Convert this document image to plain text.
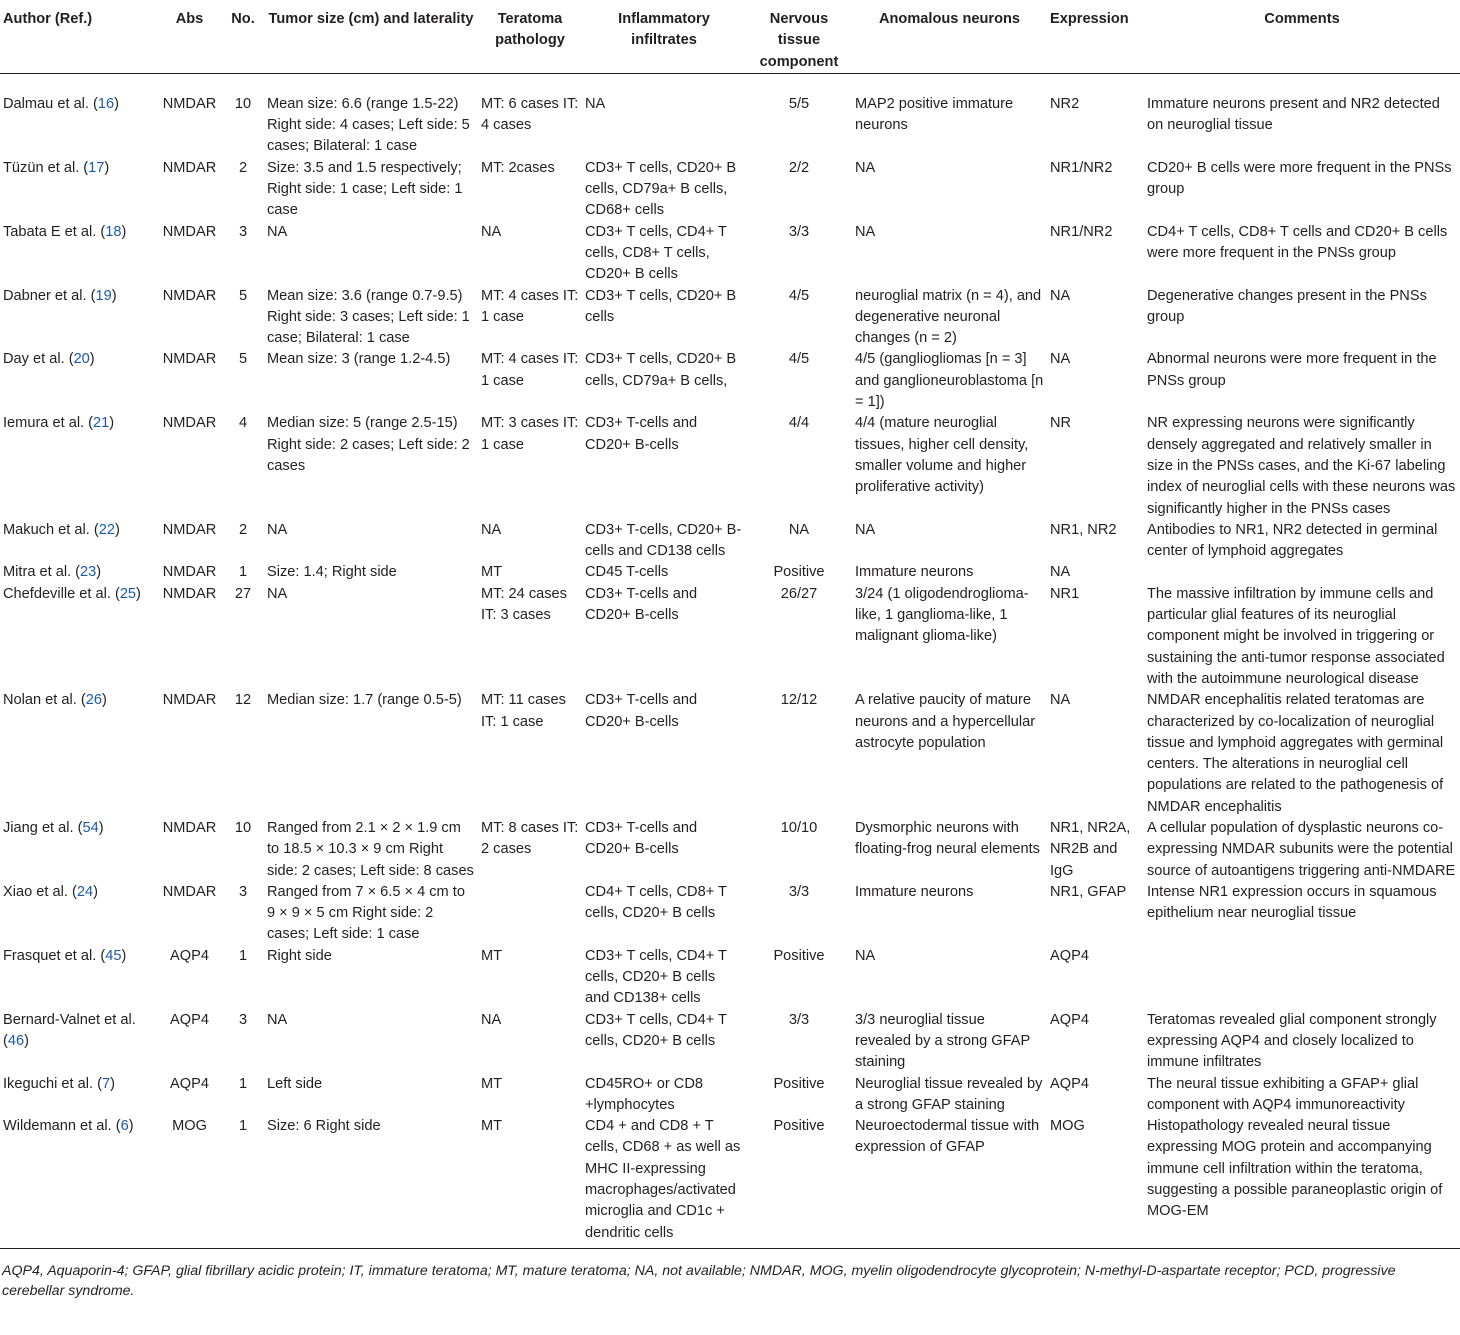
Author (Ref.)	Abs	No.	Tumor size (cm) and laterality	Teratoma pathology	Inflammatory infiltrates	Nervous tissue component	Anomalous neurons	Expression	Comments
Dalmau et al. (16)	NMDAR	10	Mean size: 6.6 (range 1.5-22) Right side: 4 cases; Left side: 5 cases; Bilateral: 1 case	MT: 6 cases IT: 4 cases	NA	5/5	MAP2 positive immature neurons	NR2	Immature neurons present and NR2 detected on neuroglial tissue
Tüzün et al. (17)	NMDAR	2	Size: 3.5 and 1.5 respectively; Right side: 1 case; Left side: 1 case	MT: 2cases	CD3+ T cells, CD20+ B cells, CD79a+ B cells, CD68+ cells	2/2	NA	NR1/NR2	CD20+ B cells were more frequent in the PNSs group
Tabata E et al. (18)	NMDAR	3	NA	NA	CD3+ T cells, CD4+ T cells, CD8+ T cells, CD20+ B cells	3/3	NA	NR1/NR2	CD4+ T cells, CD8+ T cells and CD20+ B cells were more frequent in the PNSs group
Dabner et al. (19)	NMDAR	5	Mean size: 3.6 (range 0.7-9.5) Right side: 3 cases; Left side: 1 case; Bilateral: 1 case	MT: 4 cases IT: 1 case	CD3+ T cells, CD20+ B cells	4/5	neuroglial matrix (n = 4), and degenerative neuronal changes (n = 2)	NA	Degenerative changes present in the PNSs group
Day et al. (20)	NMDAR	5	Mean size: 3 (range 1.2-4.5)	MT: 4 cases IT: 1 case	CD3+ T cells, CD20+ B cells, CD79a+ B cells,	4/5	4/5 (gangliogliomas [n = 3] and ganglioneuroblastoma [n = 1])	NA	Abnormal neurons were more frequent in the PNSs group
Iemura et al. (21)	NMDAR	4	Median size: 5 (range 2.5-15) Right side: 2 cases; Left side: 2 cases	MT: 3 cases IT: 1 case	CD3+ T-cells and CD20+ B-cells	4/4	4/4 (mature neuroglial tissues, higher cell density, smaller volume and higher proliferative activity)	NR	NR expressing neurons were significantly densely aggregated and relatively smaller in size in the PNSs cases, and the Ki-67 labeling index of neuroglial cells with these neurons was significantly higher in the PNSs cases
Makuch et al. (22)	NMDAR	2	NA	NA	CD3+ T-cells, CD20+ B-cells and CD138 cells	NA	NA	NR1, NR2	Antibodies to NR1, NR2 detected in germinal center of lymphoid aggregates
Mitra et al. (23)	NMDAR	1	Size: 1.4; Right side	MT	CD45 T-cells	Positive	Immature neurons	NA	
Chefdeville et al. (25)	NMDAR	27	NA	MT: 24 cases IT: 3 cases	CD3+ T-cells and CD20+ B-cells	26/27	3/24 (1 oligodendroglioma-like, 1 ganglioma-like, 1 malignant glioma-like)	NR1	The massive infiltration by immune cells and particular glial features of its neuroglial component might be involved in triggering or sustaining the anti-tumor response associated with the autoimmune neurological disease
Nolan et al. (26)	NMDAR	12	Median size: 1.7 (range 0.5-5)	MT: 11 cases IT: 1 case	CD3+ T-cells and CD20+ B-cells	12/12	A relative paucity of mature neurons and a hypercellular astrocyte population	NA	NMDAR encephalitis related teratomas are characterized by co-localization of neuroglial tissue and lymphoid aggregates with germinal centers. The alterations in neuroglial cell populations are related to the pathogenesis of NMDAR encephalitis
Jiang et al. (54)	NMDAR	10	Ranged from 2.1 × 2 × 1.9 cm to 18.5 × 10.3 × 9 cm Right side: 2 cases; Left side: 8 cases	MT: 8 cases IT: 2 cases	CD3+ T-cells and CD20+ B-cells	10/10	Dysmorphic neurons with floating-frog neural elements	NR1, NR2A, NR2B and IgG	A cellular population of dysplastic neurons co-expressing NMDAR subunits were the potential source of autoantigens triggering anti-NMDARE
Xiao et al. (24)	NMDAR	3	Ranged from 7 × 6.5 × 4 cm to 9 × 9 × 5 cm Right side: 2 cases; Left side: 1 case		CD4+ T cells, CD8+ T cells, CD20+ B cells	3/3	Immature neurons	NR1, GFAP	Intense NR1 expression occurs in squamous epithelium near neuroglial tissue
Frasquet et al. (45)	AQP4	1	Right side	MT	CD3+ T cells, CD4+ T cells, CD20+ B cells and CD138+ cells	Positive	NA	AQP4	
Bernard-Valnet et al. (46)	AQP4	3	NA	NA	CD3+ T cells, CD4+ T cells, CD20+ B cells	3/3	3/3 neuroglial tissue revealed by a strong GFAP staining	AQP4	Teratomas revealed glial component strongly expressing AQP4 and closely localized to immune infiltrates
Ikeguchi et al. (7)	AQP4	1	Left side	MT	CD45RO+ or CD8 +lymphocytes	Positive	Neuroglial tissue revealed by a strong GFAP staining	AQP4	The neural tissue exhibiting a GFAP+ glial component with AQP4 immunoreactivity
Wildemann et al. (6)	MOG	1	Size: 6 Right side	MT	CD4 + and CD8 + T cells, CD68 + as well as MHC II-expressing macrophages/activated microglia and CD1c + dendritic cells	Positive	Neuroectodermal tissue with expression of GFAP	MOG	Histopathology revealed neural tissue expressing MOG protein and accompanying immune cell infiltration within the teratoma, suggesting a possible paraneoplastic origin of MOG-EM
AQP4, Aquaporin-4; GFAP, glial fibrillary acidic protein; IT, immature teratoma; MT, mature teratoma; NA, not available; NMDAR, MOG, myelin oligodendrocyte glycoprotein; N-methyl-D-aspartate receptor; PCD, progressive cerebellar syndrome.
